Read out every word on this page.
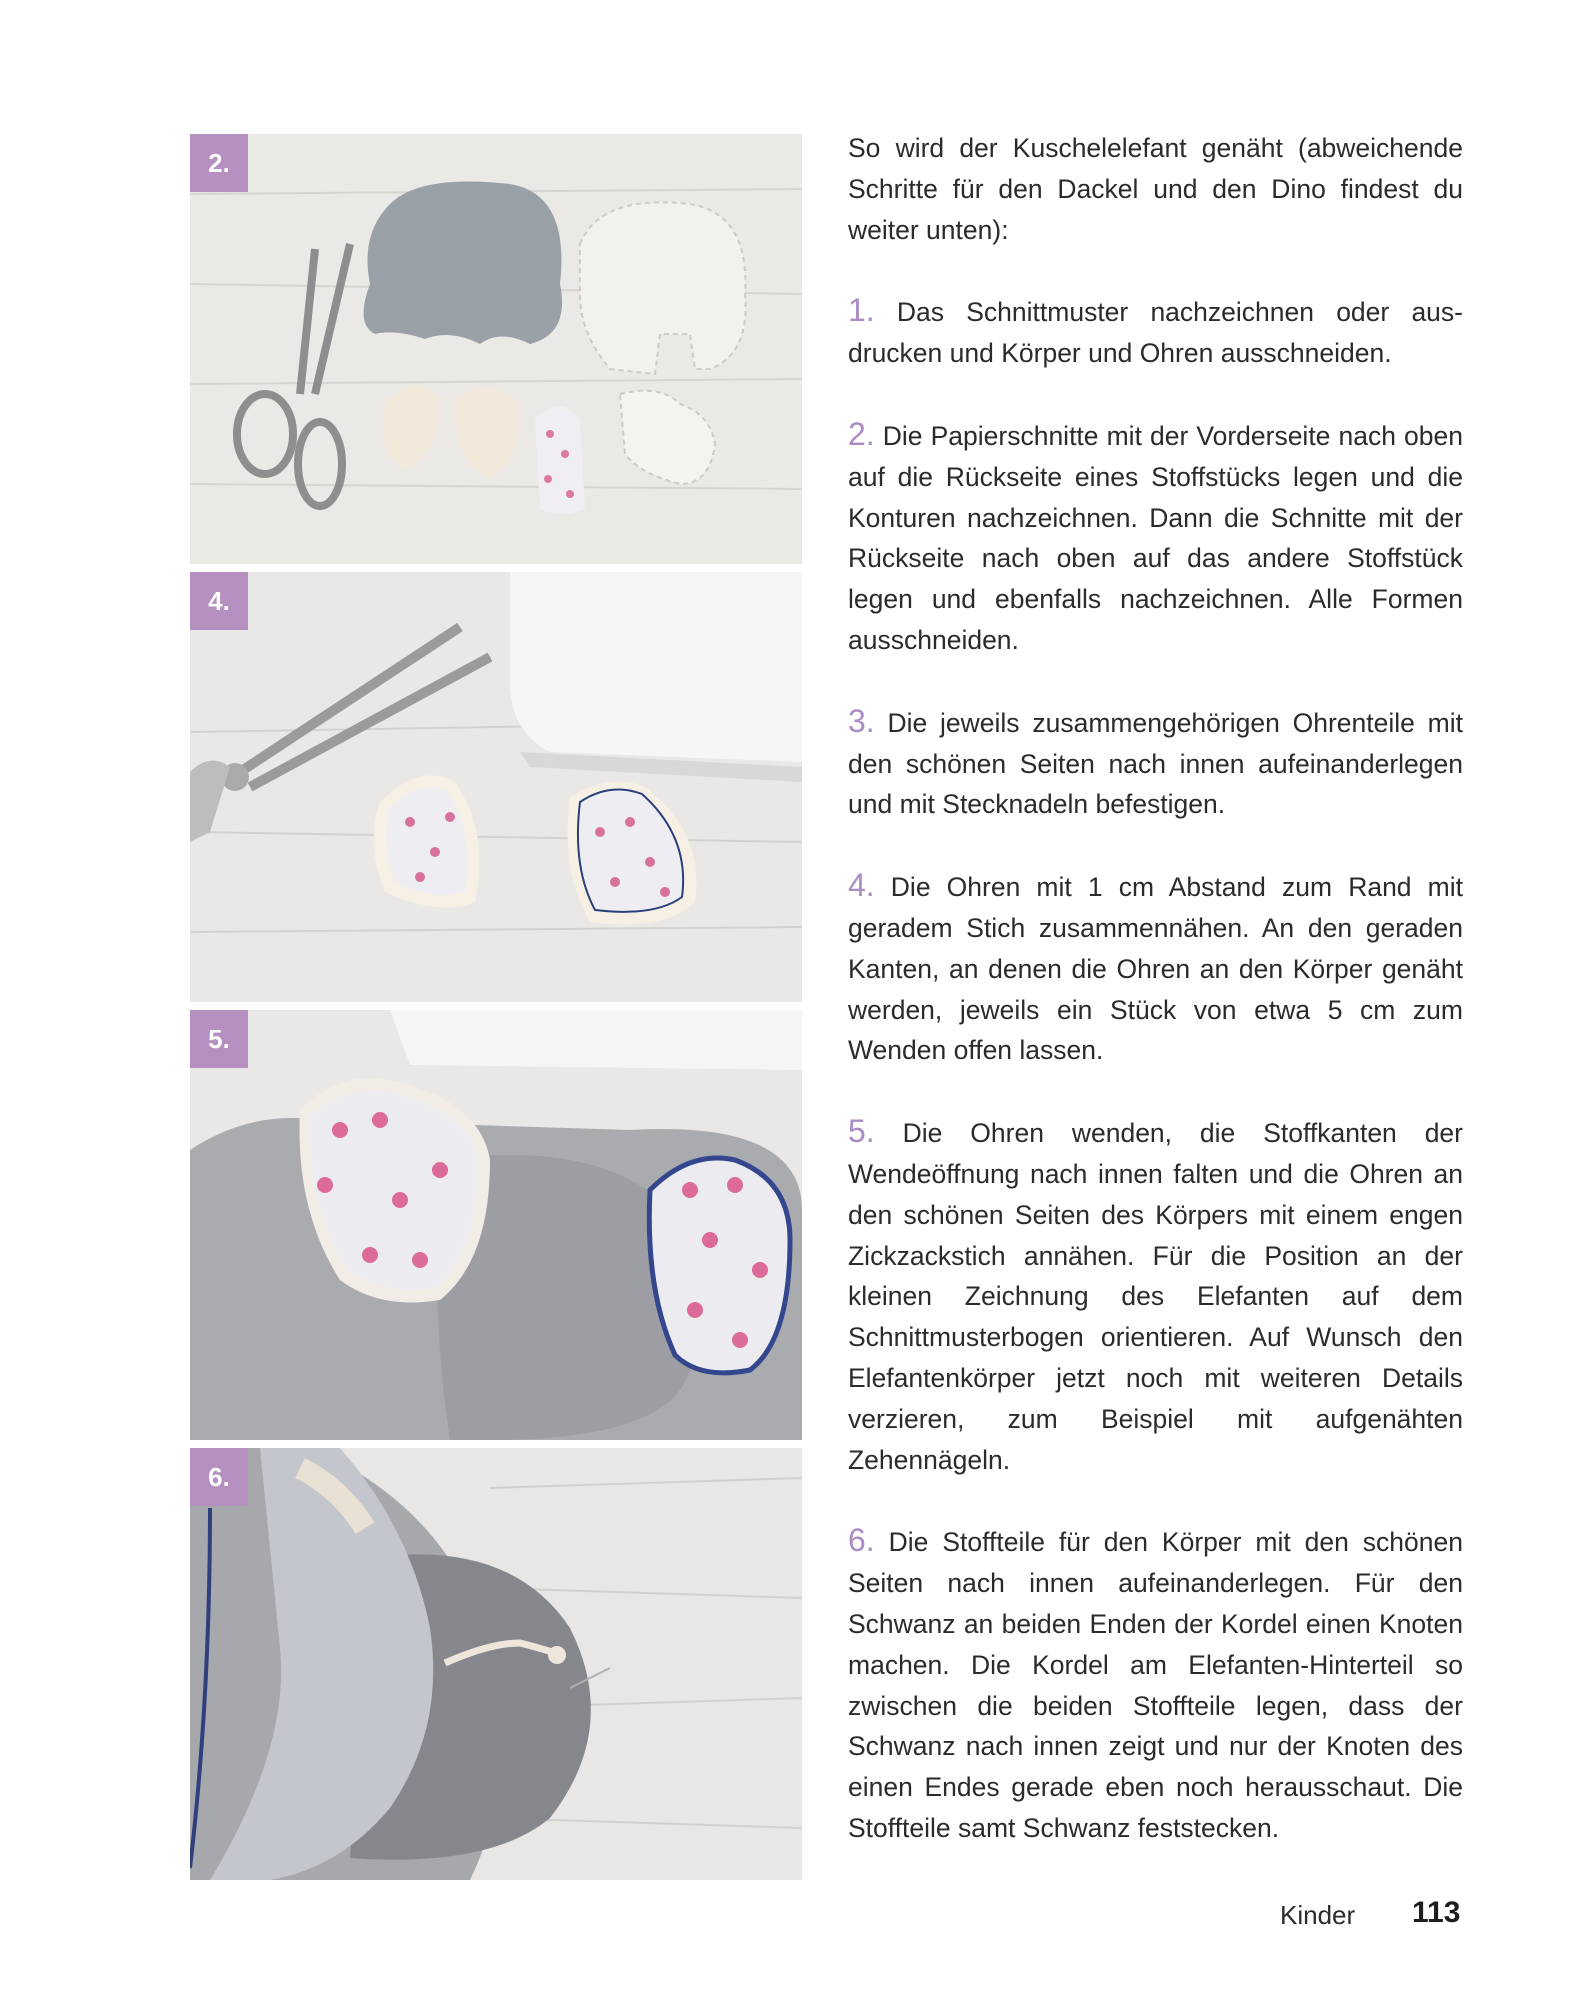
2.
4.
5.
6.

So wird der Kuschelelefant genäht (abweichende Schritte für den Dackel und den Dino findest du weiter unten):

1. Das Schnittmuster nachzeichnen oder ausdrucken und Körper und Ohren ausschneiden.

2. Die Papierschnitte mit der Vorderseite nach oben auf die Rückseite eines Stoffstücks legen und die Konturen nachzeichnen. Dann die Schnitte mit der Rückseite nach oben auf das andere Stoffstück legen und ebenfalls nachzeichnen. Alle Formen ausschneiden.

3. Die jeweils zusammengehörigen Ohrenteile mit den schönen Seiten nach innen aufeinanderlegen und mit Stecknadeln befestigen.

4. Die Ohren mit 1 cm Abstand zum Rand mit geradem Stich zusammennähen. An den geraden Kanten, an denen die Ohren an den Körper genäht werden, jeweils ein Stück von etwa 5 cm zum Wenden offen lassen.

5. Die Ohren wenden, die Stoffkanten der Wendeöffnung nach innen falten und die Ohren an den schönen Seiten des Körpers mit einem engen Zickzackstich annähen. Für die Position an der kleinen Zeichnung des Elefanten auf dem Schnittmusterbogen orientieren. Auf Wunsch den Elefantenkörper jetzt noch mit weiteren Details verzieren, zum Beispiel mit aufgenähten Zehennägeln.

6. Die Stoffteile für den Körper mit den schönen Seiten nach innen aufeinanderlegen. Für den Schwanz an beiden Enden der Kordel einen Knoten machen. Die Kordel am Elefanten-Hinterteil so zwischen die beiden Stoffteile legen, dass der Schwanz nach innen zeigt und nur der Knoten des einen Endes gerade eben noch herausschaut. Die Stoffteile samt Schwanz feststecken.

Kinder 113
